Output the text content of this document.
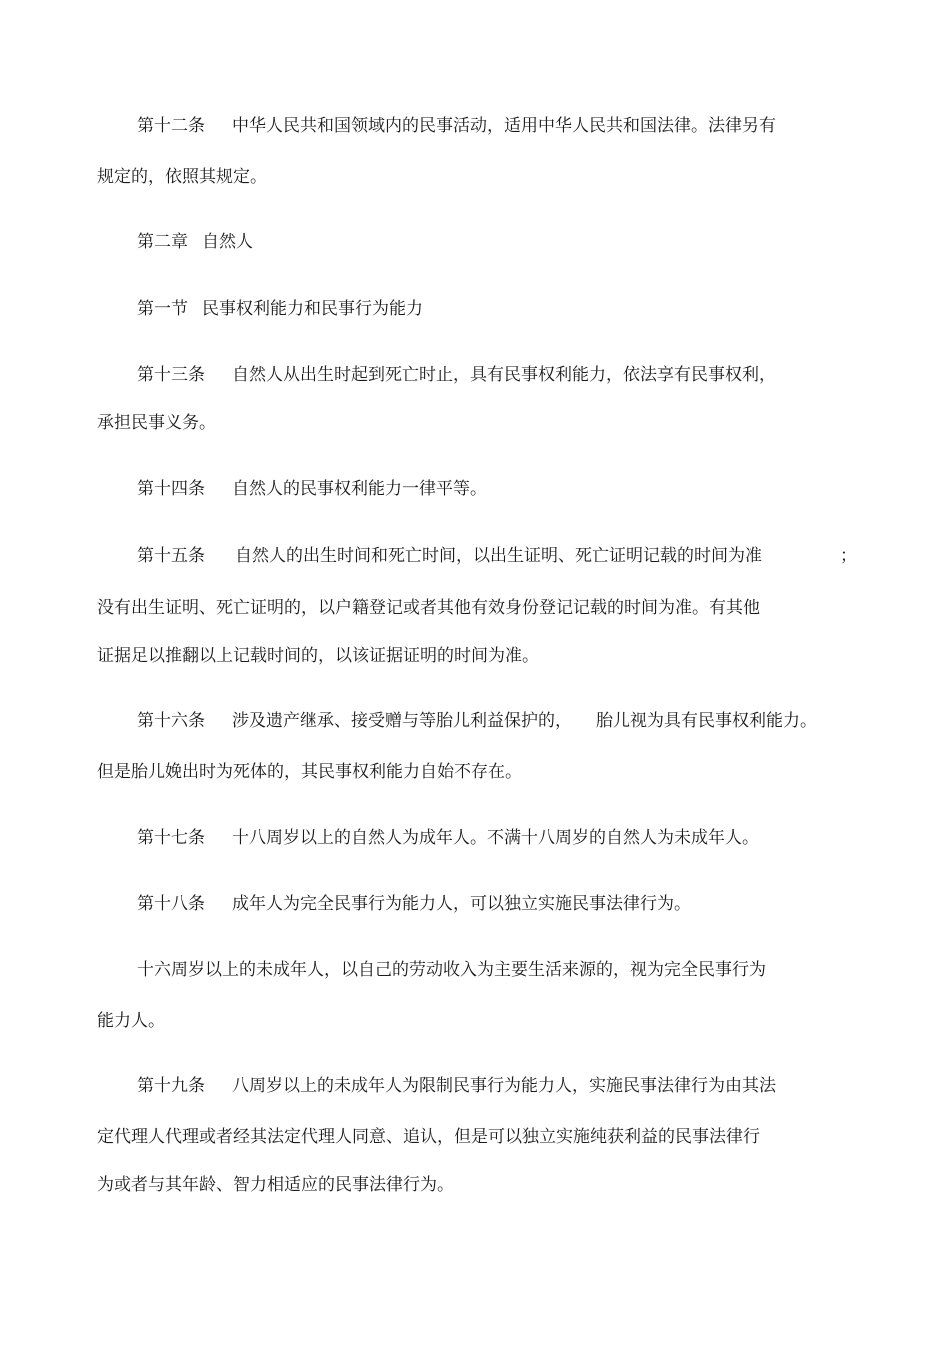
第十二条 中华人民共和国领域内的民事活动，适用中华人民共和国法律。法律另有
规定的，依照其规定。
第二章 自然人
第一节 民事权利能力和民事行为能力
第十三条 自然人从出生时起到死亡时止，具有民事权利能力，依法享有民事权利，
承担民事义务。
第十四条 自然人的民事权利能力一律平等。
第十五条 自然人的出生时间和死亡时间，以出生证明、死亡证明记载的时间为准	；
没有出生证明、死亡证明的，以户籍登记或者其他有效身份登记记载的时间为准。有其他
证据足以推翻以上记载时间的，以该证据证明的时间为准。
第十六条 涉及遗产继承、接受赠与等胎儿利益保护的， 胎儿视为具有民事权利能力。
但是胎儿娩出时为死体的，其民事权利能力自始不存在。
第十七条 十八周岁以上的自然人为成年人。不满十八周岁的自然人为未成年人。
第十八条 成年人为完全民事行为能力人，可以独立实施民事法律行为。
十六周岁以上的未成年人，以自己的劳动收入为主要生活来源的，视为完全民事行为
能力人。
第十九条 八周岁以上的未成年人为限制民事行为能力人，实施民事法律行为由其法
定代理人代理或者经其法定代理人同意、追认，但是可以独立实施纯获利益的民事法律行
为或者与其年龄、智力相适应的民事法律行为。
